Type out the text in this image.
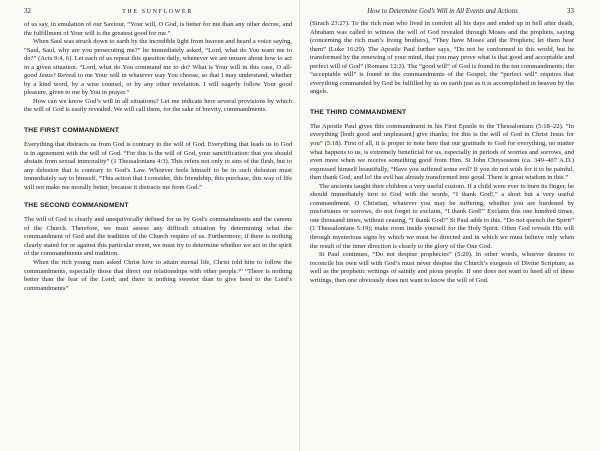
32	THE SUNFLOWER

of us say, in emulation of our Saviour, “Your will, O God, is better for me than any other decree, and the fulfillment of Your will is the greatest good for me.”

When Saul was struck down to earth by the incredible light from heaven and heard a voice saying, “Saul, Saul, why are you persecuting me?” he immediately asked, “Lord, what do You want me to do?” (Acts 9:4, 6). Let each of us repeat this question daily, whenever we are unsure about how to act in a given situation. “Lord, what do You command me to do? What is Your will in this case, O all-good Jesus? Reveal to me Your will in whatever way You choose, so that I may understand, whether by a kind word, by a wise counsel, or by any other revelation. I will eagerly follow Your good pleasure, given to me by You in prayer.”

How can we know God’s will in all situations? Let me indicate here several provisions by which the will of God is easily revealed. We will call them, for the sake of brevity, commandments.

THE FIRST COMMANDMENT

Everything that distracts us from God is contrary to the will of God. Everything that leads us to God is in agreement with the will of God. “For this is the will of God, your sanctification: that you should abstain from sexual immorality” (1 Thessalonians 4:3). This refers not only to sins of the flesh, but to any delusion that is contrary to God’s Law. Whoever feels himself to be in such delusion must immediately say to himself, “This action that I consider, this friendship, this purchase, this way of life will not make me morally better, because it distracts me from God.”

THE SECOND COMMANDMENT

The will of God is clearly and unequivocally defined for us by God’s commandments and the canons of the Church. Therefore, we must assess any difficult situation by determining what the commandment of God and the tradition of the Church require of us. Furthermore, if there is nothing clearly stated for or against this particular event, we must try to determine whether we act in the spirit of the commandments and tradition.

When the rich young man asked Christ how to attain eternal life, Christ told him to follow the commandments, especially those that direct our relationships with other people.¹⁰ “There is nothing better than the fear of the Lord; and there is nothing sweeter than to give heed to the Lord’s commandments”

How to Determine God’s Will in All Events and Actions	33

(Sirach 23:27). To the rich man who lived in comfort all his days and ended up in hell after death, Abraham was called to witness the will of God revealed through Moses and the prophets, saying (concerning the rich man’s living brothers), “They have Moses and the Prophets; let them hear them” (Luke 16:29). The Apostle Paul further says, “Do not be conformed to this world, but be transformed by the renewing of your mind, that you may prove what is that good and acceptable and perfect will of God” (Romans 12:2). The “good will” of God is found in the ten commandments; the “acceptable will” is found in the commandments of the Gospel; the “perfect will” requires that everything commanded by God be fulfilled by us on earth just as it is accomplished in heaven by the angels.

THE THIRD COMMANDMENT

The Apostle Paul gives this commandment in his First Epistle to the Thessalonians (5:18–22). “In everything [both good and unpleasant] give thanks; for this is the will of God in Christ Jesus for you” (5:18). First of all, it is proper to note here that our gratitude to God for everything, no matter what happens to us, is extremely beneficial for us, especially in periods of worries and sorrows, and even more when we receive something good from Him. St John Chrysostom (ca. 349–407 A.D.) expressed himself beautifully, “Have you suffered some evil? If you do not wish for it to be painful, then thank God, and lo! the evil has already transformed into good. There is great wisdom in this.”

The ancients taught their children a very useful custom. If a child were ever to burn its finger, he should immediately turn to God with the words, “I thank God!,” a short but a very useful commandment. O Christian, whatever you may be suffering, whether you are burdened by misfortunes or sorrows, do not forget to exclaim, “I thank God!” Exclaim this one hundred times, one thousand times, without ceasing, “I thank God!” St Paul adds to this, “Do not quench the Spirit” (1 Thessalonians 5:19); make room inside yourself for the Holy Spirit. Often God reveals His will through mysterious signs by which we must be directed and in which we must believe only when the result of the inner direction is clearly to the glory of the One God.

St Paul continues, “Do not despise prophecies” (5:20). In other words, whoever desires to reconcile his own will with God’s must never despise the Church’s exegesis of Divine Scripture, as well as the prophetic writings of saintly and pious people. If one does not want to heed all of these writings, then one obviously does not want to know the will of God.
